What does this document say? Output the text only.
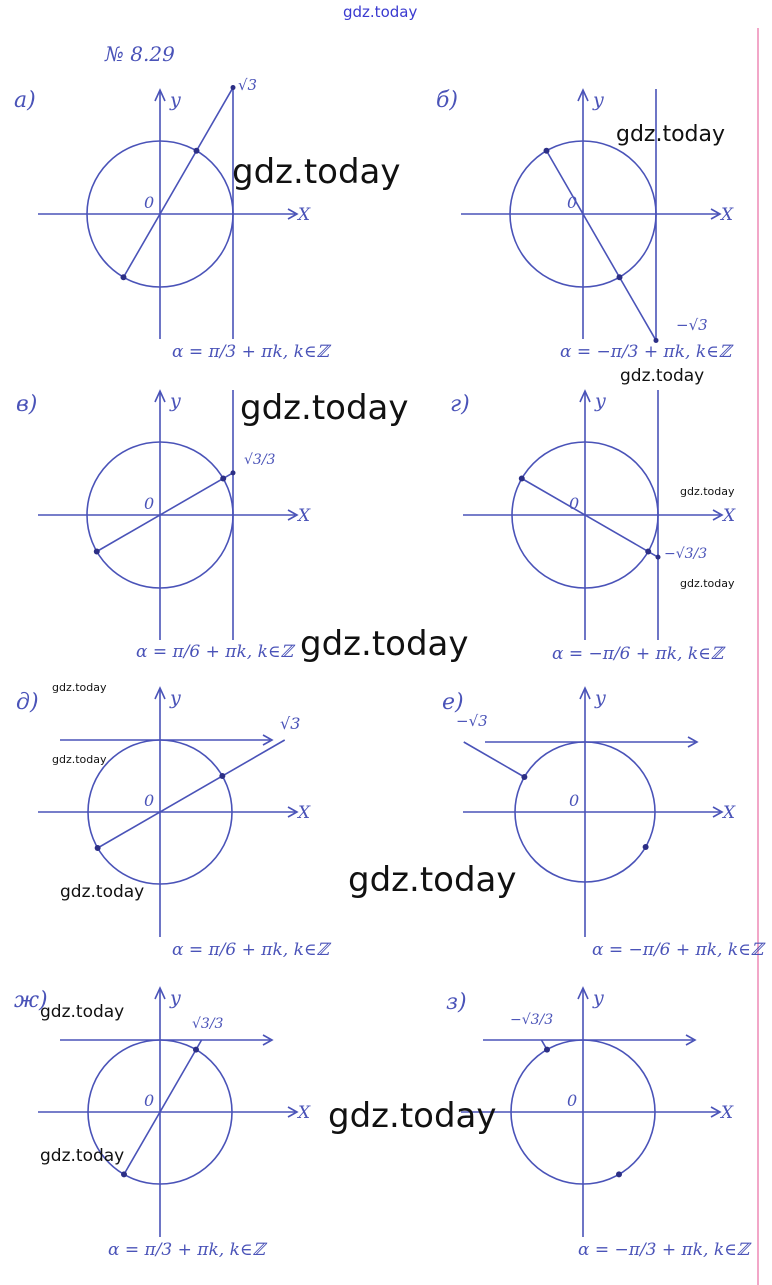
gdz.today
№ 8.29
X
y
0
X
y
0
X
y
0
X
y
0
X
y
0
X
y
0
X
y
0
X
y
0
a)	б)
в)	г)
д)	е)
ж)	з)
α = π/3 + πk, k∈ℤ	α = −π/3 + πk, k∈ℤ
α = π/6 + πk, k∈ℤ	α = −π/6 + πk, k∈ℤ
α = π/6 + πk, k∈ℤ	α = −π/6 + πk, k∈ℤ
α = π/3 + πk, k∈ℤ	α = −π/3 + πk, k∈ℤ
√3
−√3
√3/3
−√3/3
√3	−√3
√3/3	−√3/3
gdz.today
gdz.today
gdz.today
gdz.today
gdz.today
gdz.today
gdz.today
gdz.today
gdz.today
gdz.today	gdz.today
gdz.today
gdz.today
gdz.today
